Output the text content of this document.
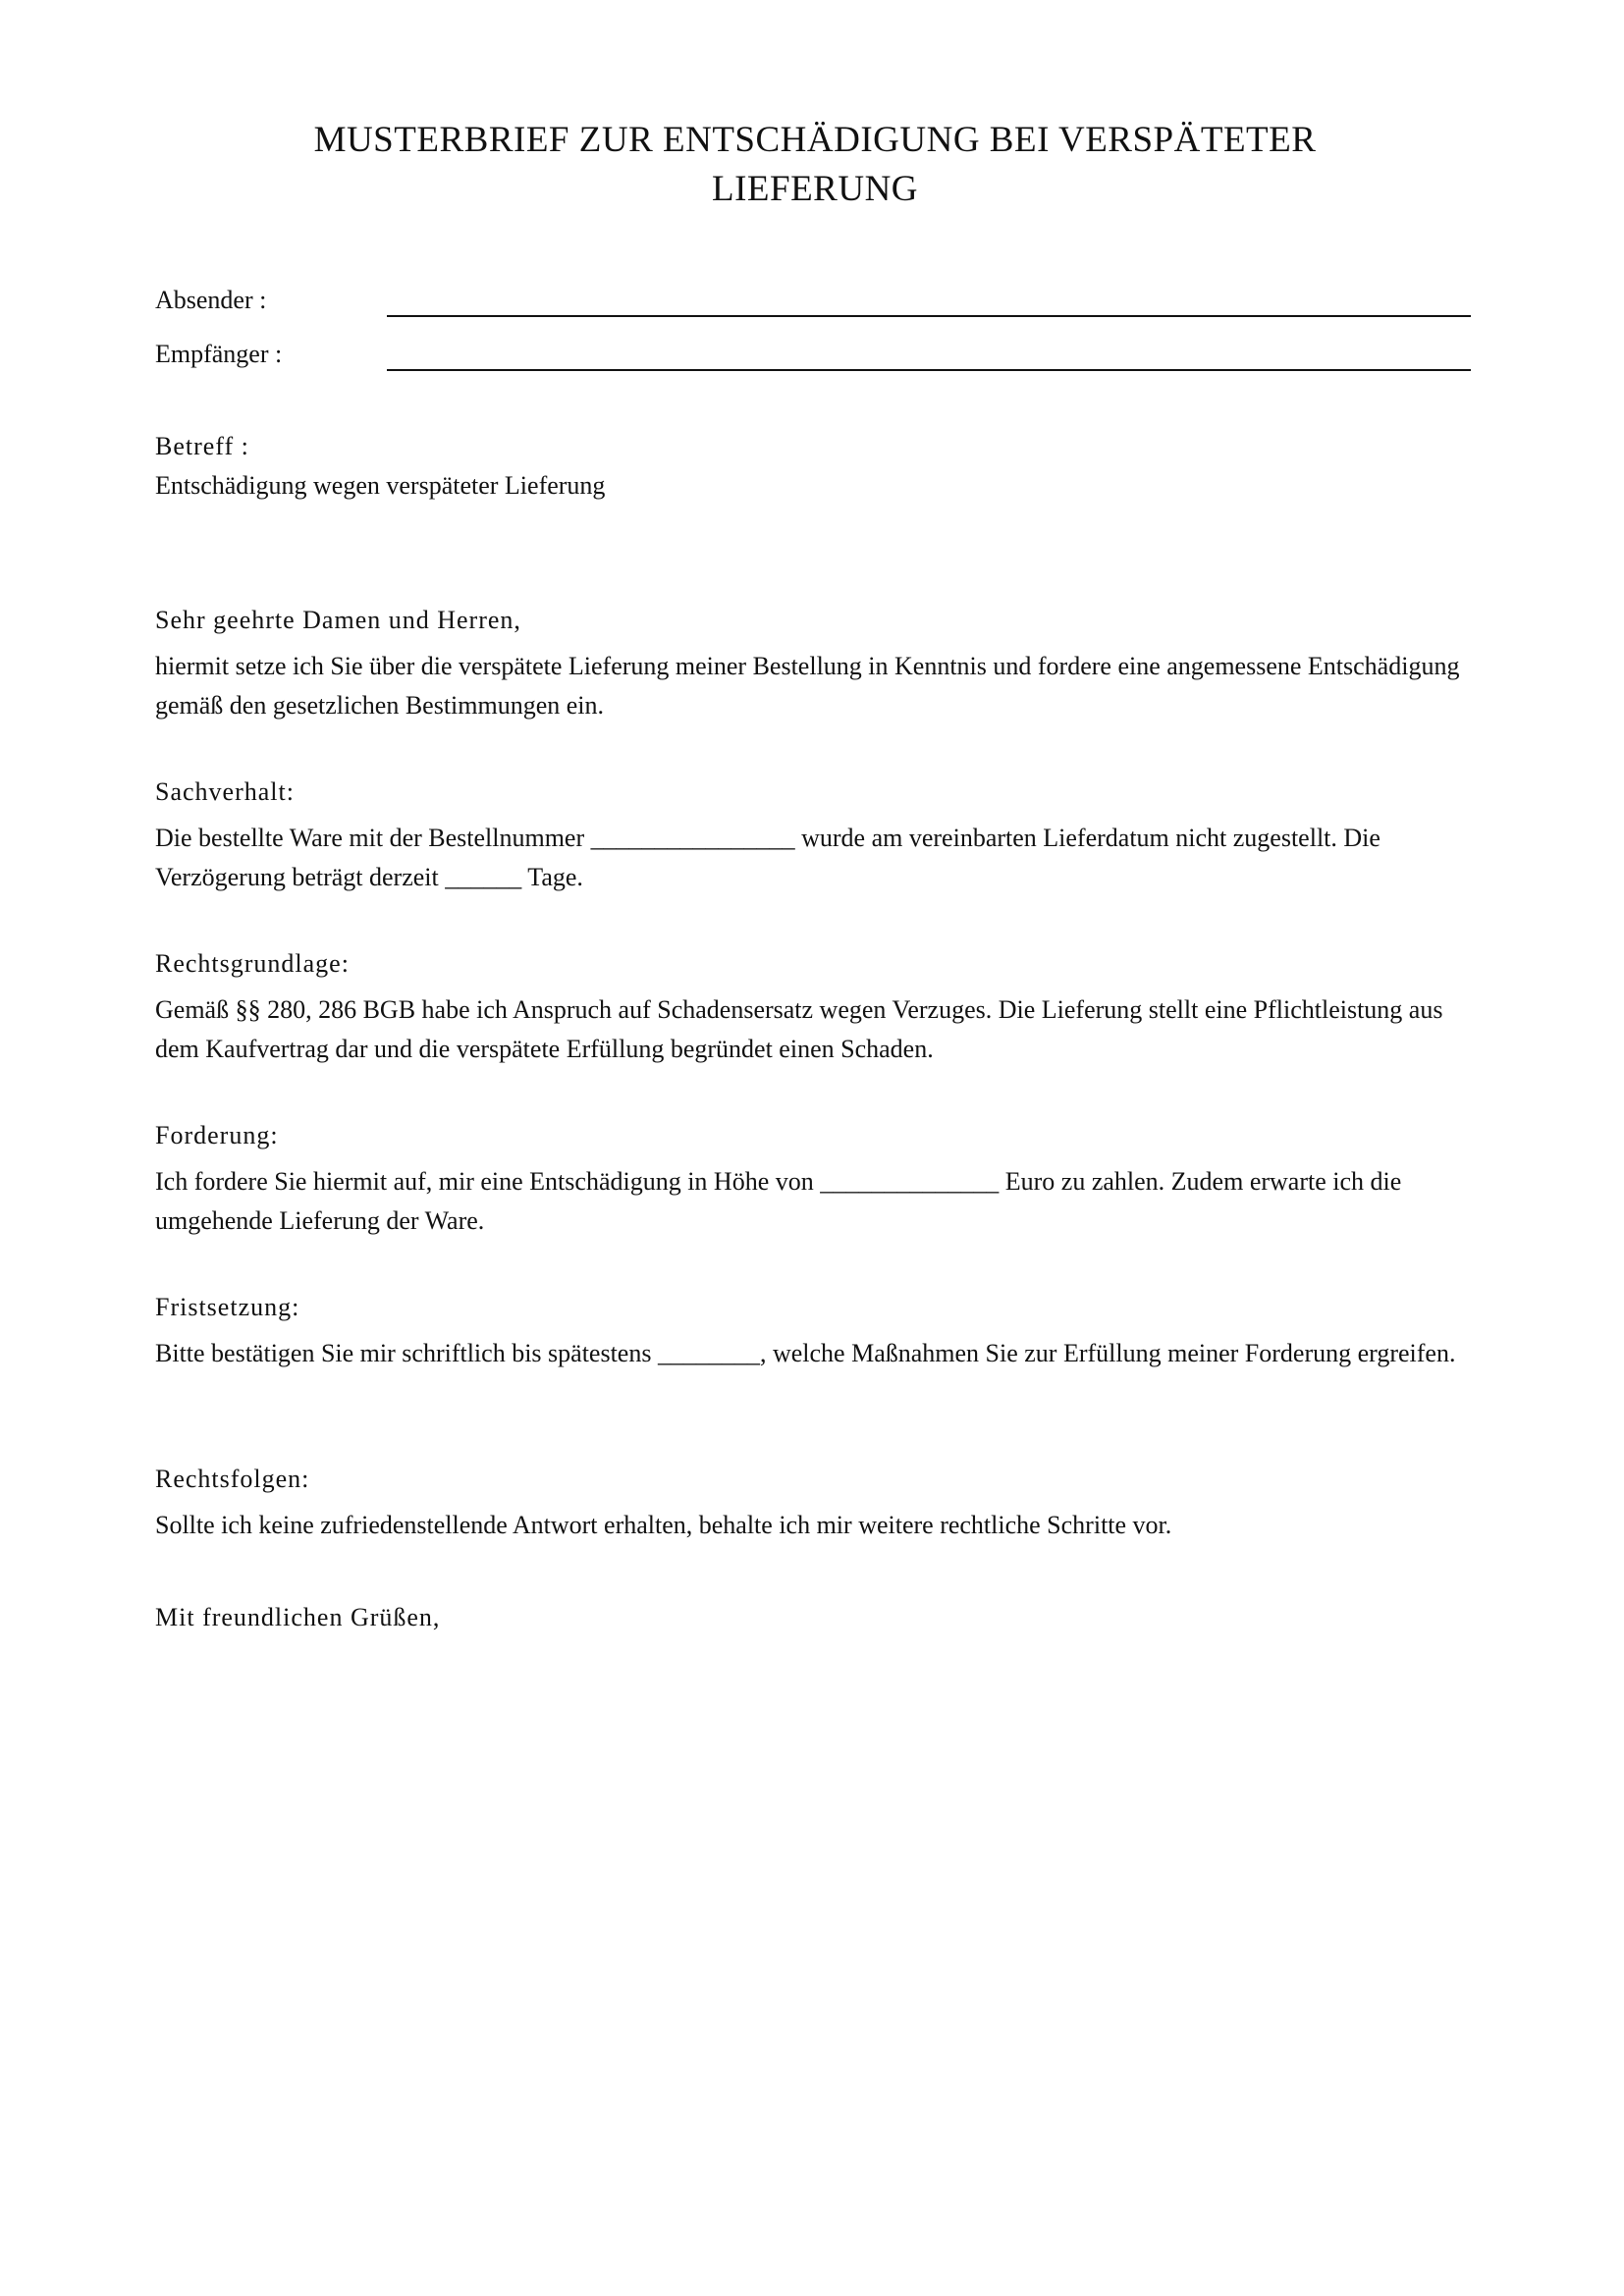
MUSTERBRIEF ZUR ENTSCHÄDIGUNG BEI VERSPÄTETER LIEFERUNG
Absender :
Empfänger :
Betreff :

Entschädigung wegen verspäteter Lieferung

Sehr geehrte Damen und Herren,

hiermit setze ich Sie über die verspätete Lieferung meiner Bestellung in Kenntnis und fordere eine angemessene Entschädigung gemäß den gesetzlichen Bestimmungen ein.

Sachverhalt:

Die bestellte Ware mit der Bestellnummer ________________ wurde am vereinbarten Lieferdatum nicht zugestellt. Die Verzögerung beträgt derzeit ______ Tage.

Rechtsgrundlage:

Gemäß §§ 280, 286 BGB habe ich Anspruch auf Schadensersatz wegen Verzuges. Die Lieferung stellt eine Pflichtleistung aus dem Kaufvertrag dar und die verspätete Erfüllung begründet einen Schaden.

Forderung:

Ich fordere Sie hiermit auf, mir eine Entschädigung in Höhe von ______________ Euro zu zahlen. Zudem erwarte ich die umgehende Lieferung der Ware.

Fristsetzung:

Bitte bestätigen Sie mir schriftlich bis spätestens ________, welche Maßnahmen Sie zur Erfüllung meiner Forderung ergreifen.

Rechtsfolgen:

Sollte ich keine zufriedenstellende Antwort erhalten, behalte ich mir weitere rechtliche Schritte vor.

Mit freundlichen Grüßen,
